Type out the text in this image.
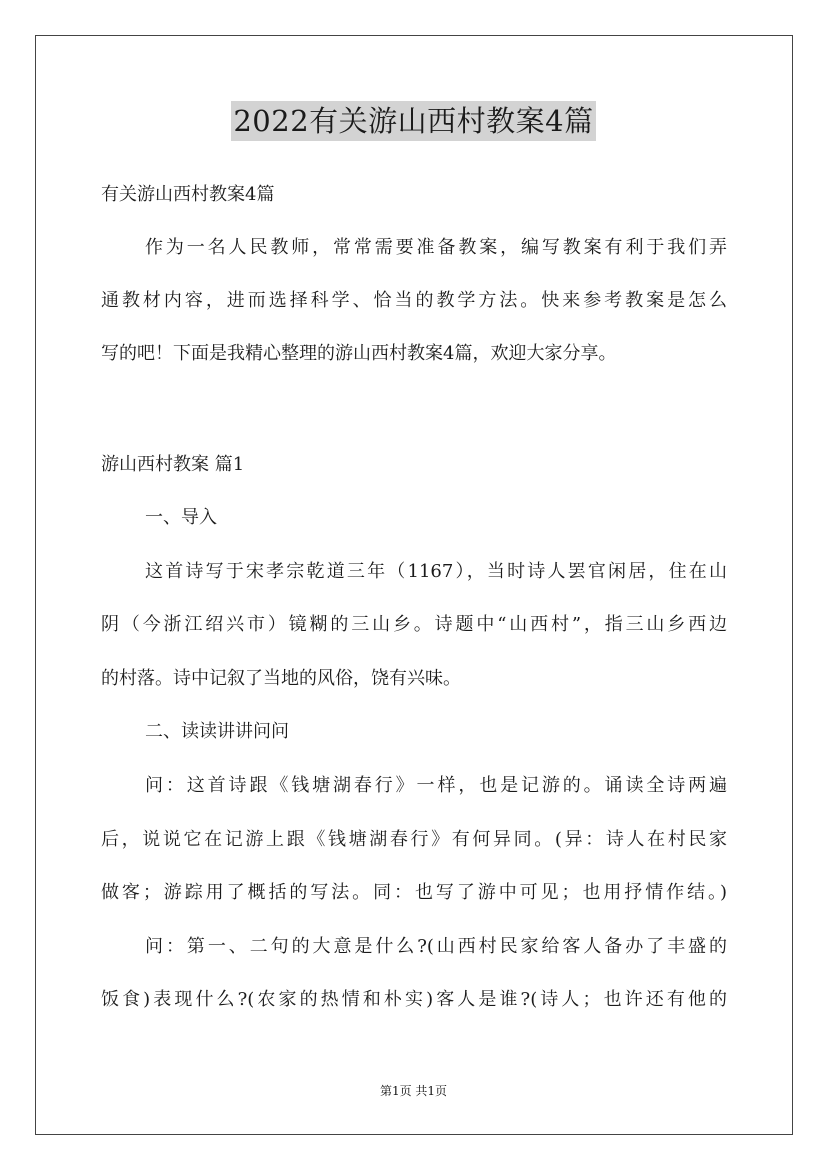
2022有关游山西村教案4篇
有关游山西村教案4篇
作为一名人民教师，常常需要准备教案，编写教案有利于我们弄
通教材内容，进而选择科学、恰当的教学方法。快来参考教案是怎么
写的吧！下面是我精心整理的游山西村教案4篇，欢迎大家分享。
游山西村教案 篇1
一、导入
这首诗写于宋孝宗乾道三年（1167），当时诗人罢官闲居，住在山
阴（今浙江绍兴市）镜糊的三山乡。诗题中“山西村”，指三山乡西边
的村落。诗中记叙了当地的风俗，饶有兴味。
二、读读讲讲问问
问：这首诗跟《钱塘湖春行》一样，也是记游的。诵读全诗两遍
后，说说它在记游上跟《钱塘湖春行》有何异同。(异：诗人在村民家
做客；游踪用了概括的写法。同：也写了游中可见；也用抒情作结。)
问：第一、二句的大意是什么?(山西村民家给客人备办了丰盛的
饭食)表现什么?(农家的热情和朴实)客人是谁?(诗人；也许还有他的
第1页 共1页
